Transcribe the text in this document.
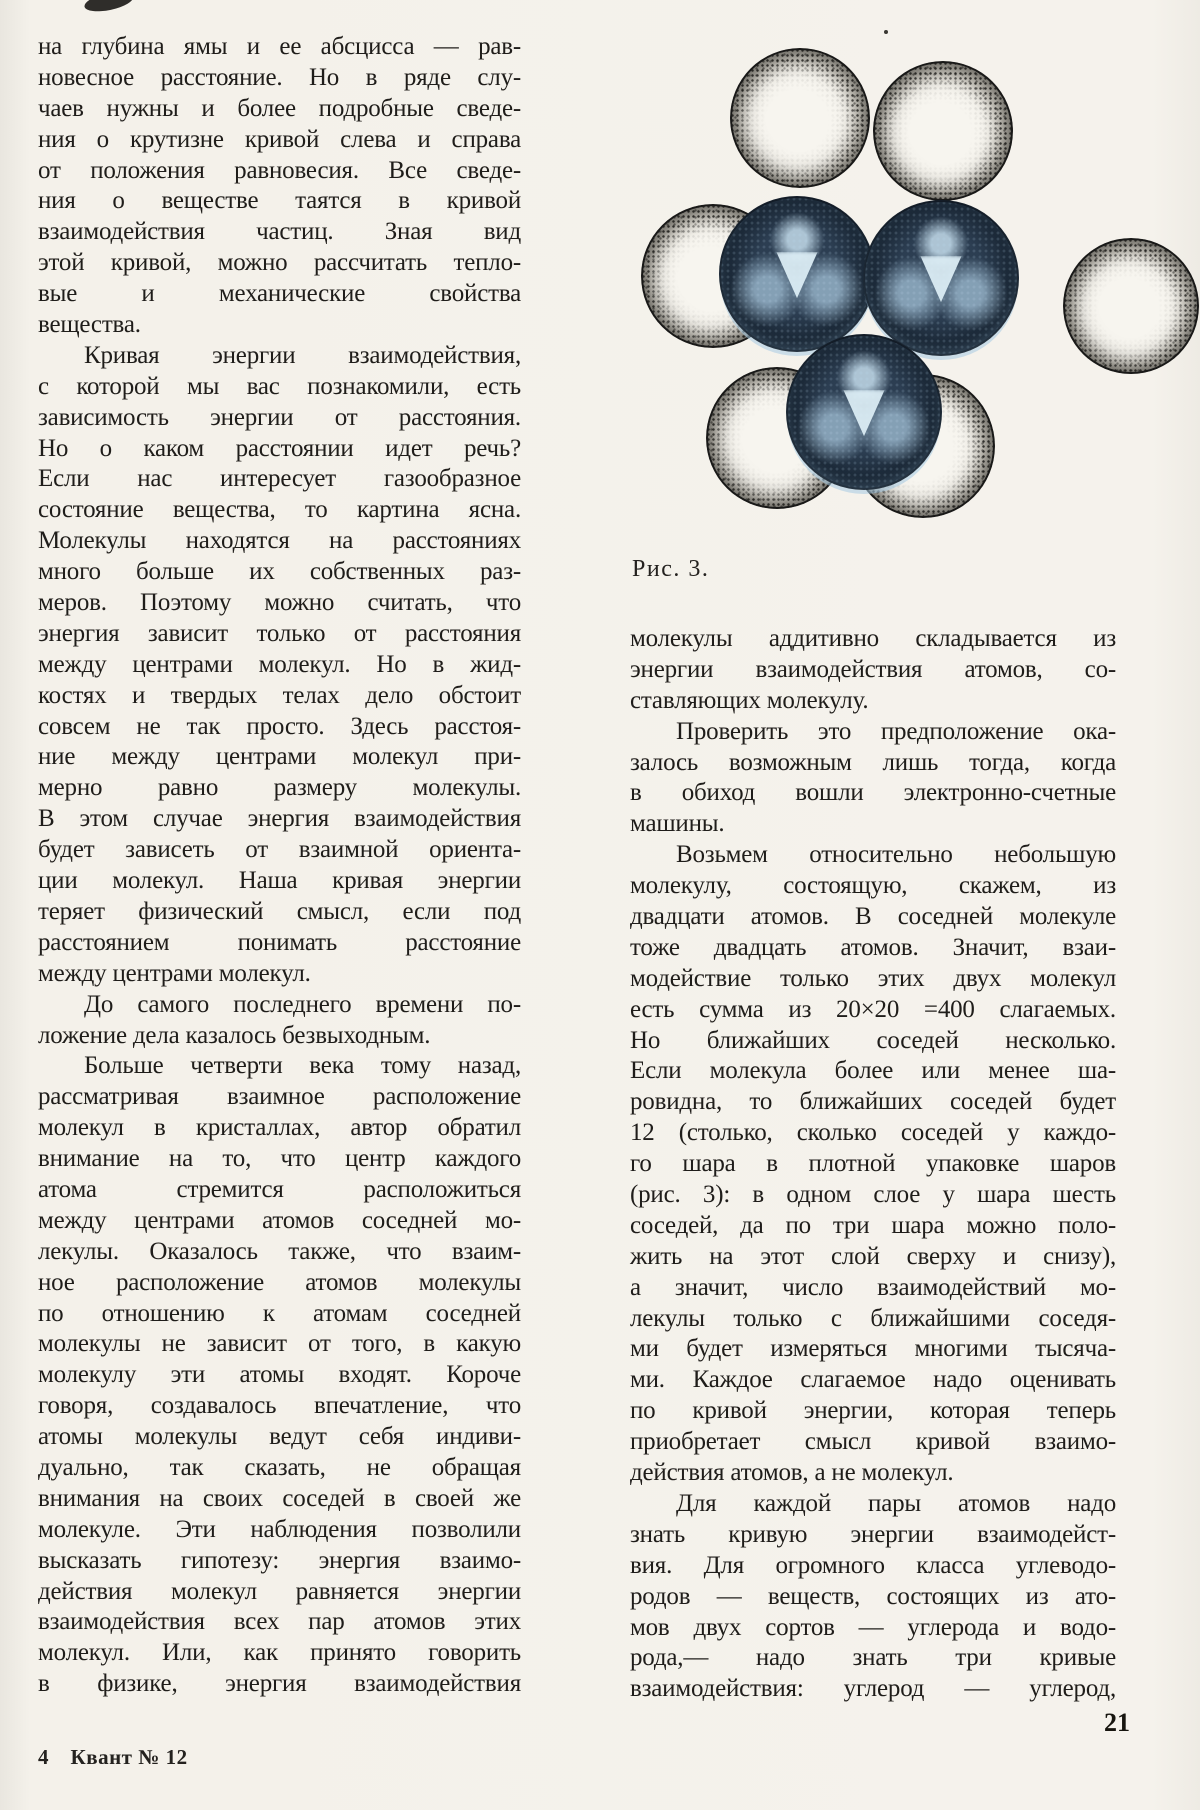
на глубина ямы и ее абсцисса — рав-
новесное расстояние. Но в ряде слу-
чаев нужны и более подробные сведе-
ния о крутизне кривой слева и справа
от положения равновесия. Все сведе-
ния о веществе таятся в кривой
взаимодействия частиц. Зная вид
этой кривой, можно рассчитать тепло-
вые и механические свойства
вещества.
Кривая энергии взаимодействия,
с которой мы вас познакомили, есть
зависимость энергии от расстояния.
Но о каком расстоянии идет речь?
Если нас интересует газообразное
состояние вещества, то картина ясна.
Молекулы находятся на расстояниях
много больше их собственных раз-
меров. Поэтому можно считать, что
энергия зависит только от расстояния
между центрами молекул. Но в жид-
костях и твердых телах дело обстоит
совсем не так просто. Здесь расстоя-
ние между центрами молекул при-
мерно равно размеру молекулы.
В этом случае энергия взаимодействия
будет зависеть от взаимной ориента-
ции молекул. Наша кривая энергии
теряет физический смысл, если под
расстоянием понимать расстояние
между центрами молекул.
До самого последнего времени по-
ложение дела казалось безвыходным.
Больше четверти века тому назад,
рассматривая взаимное расположение
молекул в кристаллах, автор обратил
внимание на то, что центр каждого
атома стремится расположиться
между центрами атомов соседней мо-
лекулы. Оказалось также, что взаим-
ное расположение атомов молекулы
по отношению к атомам соседней
молекулы не зависит от того, в какую
молекулу эти атомы входят. Короче
говоря, создавалось впечатление, что
атомы молекулы ведут себя индиви-
дуально, так сказать, не обращая
внимания на своих соседей в своей же
молекуле. Эти наблюдения позволили
высказать гипотезу: энергия взаимо-
действия молекул равняется энергии
взаимодействия всех пар атомов этих
молекул. Или, как принято говорить
в физике, энергия взаимодействия
Рис. 3.
молекулы аддитивно складывается из
энергии взаимодействия атомов, со-
ставляющих молекулу.
Проверить это предположение ока-
залось возможным лишь тогда, когда
в обиход вошли электронно-счетные
машины.
Возьмем относительно небольшую
молекулу, состоящую, скажем, из
двадцати атомов. В соседней молекуле
тоже двадцать атомов. Значит, взаи-
модействие только этих двух молекул
есть сумма из 20×20 =400 слагаемых.
Но ближайших соседей несколько.
Если молекула более или менее ша-
ровидна, то ближайших соседей будет
12 (столько, сколько соседей у каждо-
го шара в плотной упаковке шаров
(рис. 3): в одном слое у шара шесть
соседей, да по три шара можно поло-
жить на этот слой сверху и снизу),
а значит, число взаимодействий мо-
лекулы только с ближайшими соседя-
ми будет измеряться многими тысяча-
ми. Каждое слагаемое надо оценивать
по кривой энергии, которая теперь
приобретает смысл кривой взаимо-
действия атомов, а не молекул.
Для каждой пары атомов надо
знать кривую энергии взаимодейст-
вия. Для огромного класса углеводо-
родов — веществ, состоящих из ато-
мов двух сортов — углерода и водо-
рода,— надо знать три кривые
взаимодействия: углерод — углерод,
4 Квант № 12
21
